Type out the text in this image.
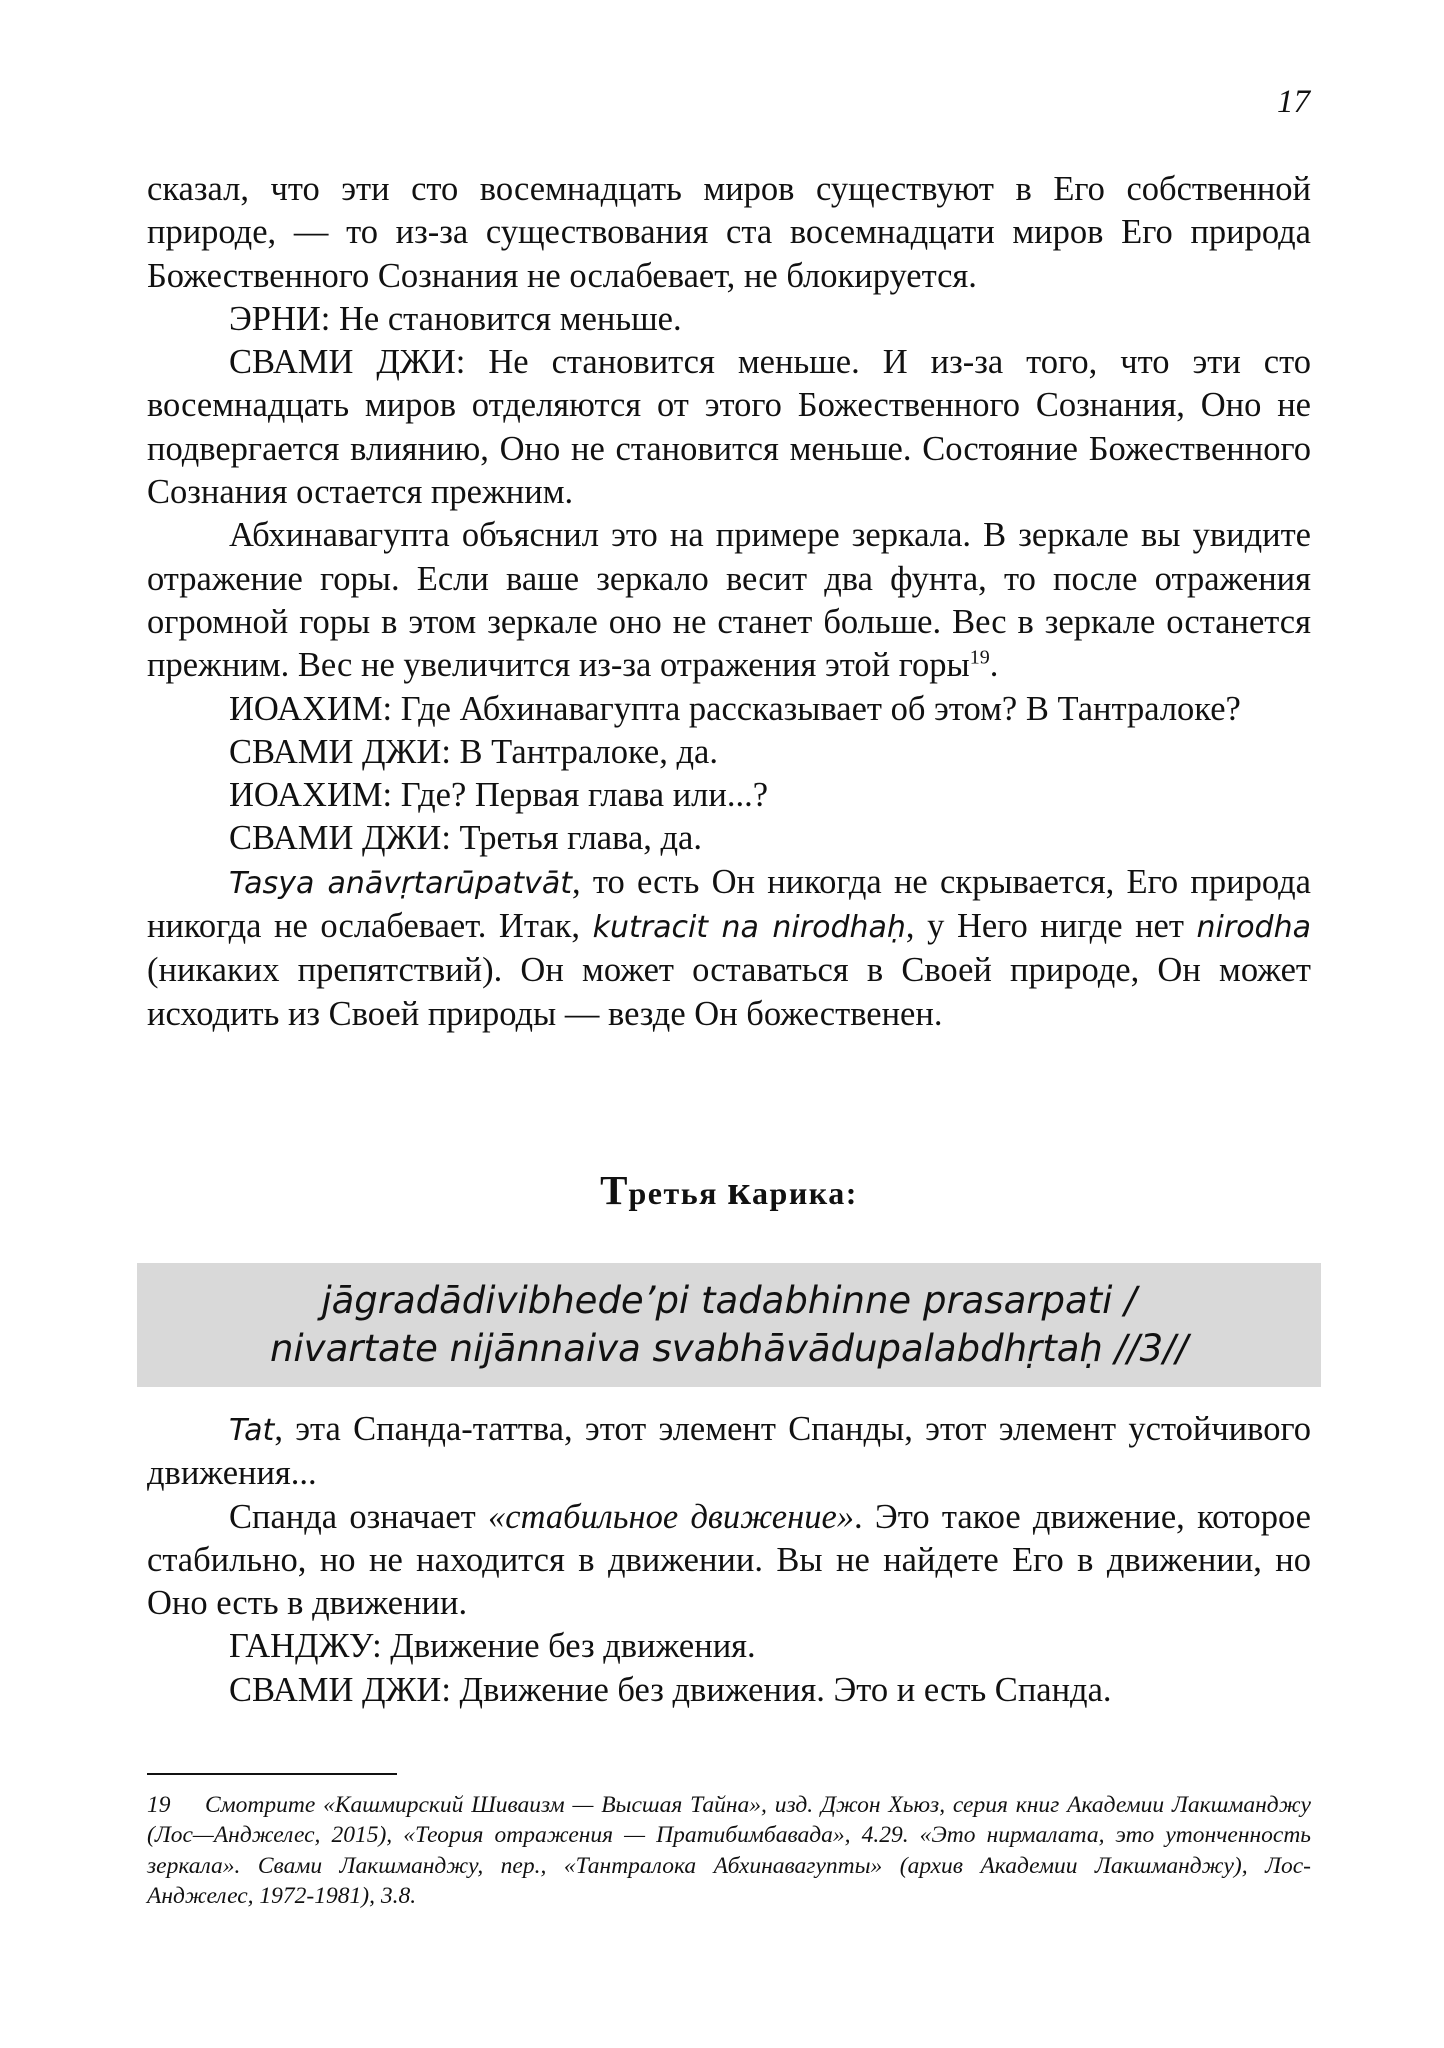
17

сказал, что эти сто восемнадцать миров существуют в Его собственной природе, — то из-за существования ста восемнадцати миров Его природа Божественного Сознания не ослабевает, не блокируется.

ЭРНИ: Не становится меньше.

СВАМИ ДЖИ: Не становится меньше. И из-за того, что эти сто восемнадцать миров отделяются от этого Божественного Сознания, Оно не подвергается влиянию, Оно не становится меньше. Состояние Божественного Сознания остается прежним.

Абхинавагупта объяснил это на примере зеркала. В зеркале вы увидите отражение горы. Если ваше зеркало весит два фунта, то после отражения огромной горы в этом зеркале оно не станет больше. Вес в зеркале останется прежним. Вес не увеличится из-за отражения этой горы$^{19}$.

ИОАХИМ: Где Абхинавагупта рассказывает об этом? В Тантралоке?

СВАМИ ДЖИ: В Тантралоке, да.

ИОАХИМ: Где? Первая глава или...?

СВАМИ ДЖИ: Третья глава, да.

Tasya anāvṛtarūpatvāt, то есть Он никогда не скрывается, Его природа никогда не ослабевает. Итак, kutracit na nirodhaḥ, у Него нигде нет nirodha (никаких препятствий). Он может оставаться в Своей природе, Он может исходить из Своей природы — везде Он божественен.

Третья карика:
jāgradādivibhede’pi tadabhinne prasarpati /
nivartate nijānnaiva svabhāvādupalabdhṛtaḥ //3//

Tat, эта Спанда-таттва, этот элемент Спанды, этот элемент устойчивого движения...

Спанда означает «стабильное движение». Это такое движение, которое стабильно, но не находится в движении. Вы не найдете Его в движении, но Оно есть в движении.

ГАНДЖУ: Движение без движения.

СВАМИ ДЖИ: Движение без движения. Это и есть Спанда.

19 Смотрите «Кашмирский Шиваизм — Высшая Тайна», изд. Джон Хьюз, серия книг Академии Лакшманджу (Лос—Анджелес, 2015), «Теория отражения — Пратибимбавада», 4.29. «Это нирмалата, это утонченность зеркала». Свами Лакшманджу, пер., «Тантралока Абхинавагупты» (архив Академии Лакшманджу), Лос-Анджелес, 1972-1981), 3.8.
